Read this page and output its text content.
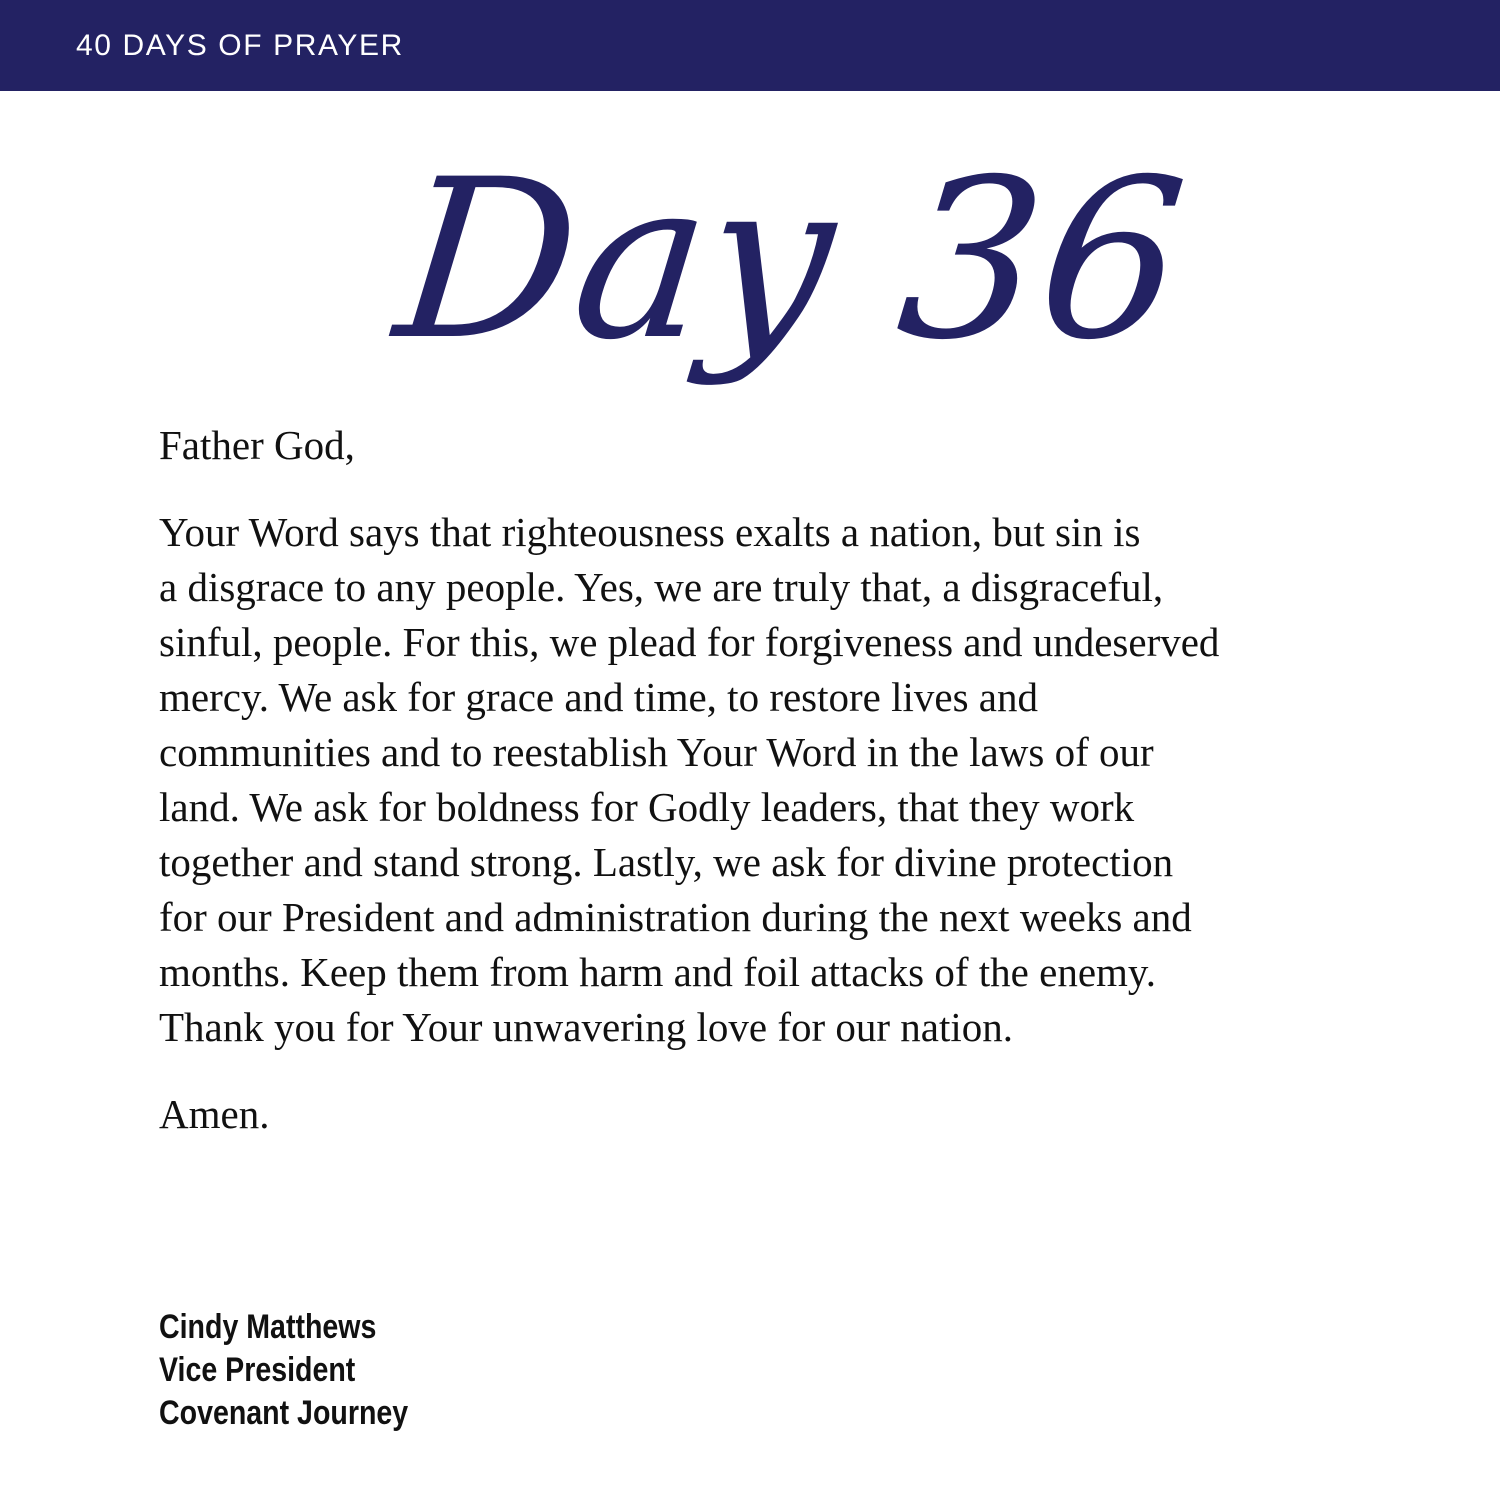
40 DAYS OF PRAYER
Day 36

Father God,

Your Word says that righteousness exalts a nation, but sin is
a disgrace to any people. Yes, we are truly that, a disgraceful,
sinful, people. For this, we plead for forgiveness and undeserved
mercy. We ask for grace and time, to restore lives and
communities and to reestablish Your Word in the laws of our
land. We ask for boldness for Godly leaders, that they work
together and stand strong. Lastly, we ask for divine protection
for our President and administration during the next weeks and
months. Keep them from harm and foil attacks of the enemy.
Thank you for Your unwavering love for our nation.

Amen.

Cindy Matthews
Vice President
Covenant Journey
